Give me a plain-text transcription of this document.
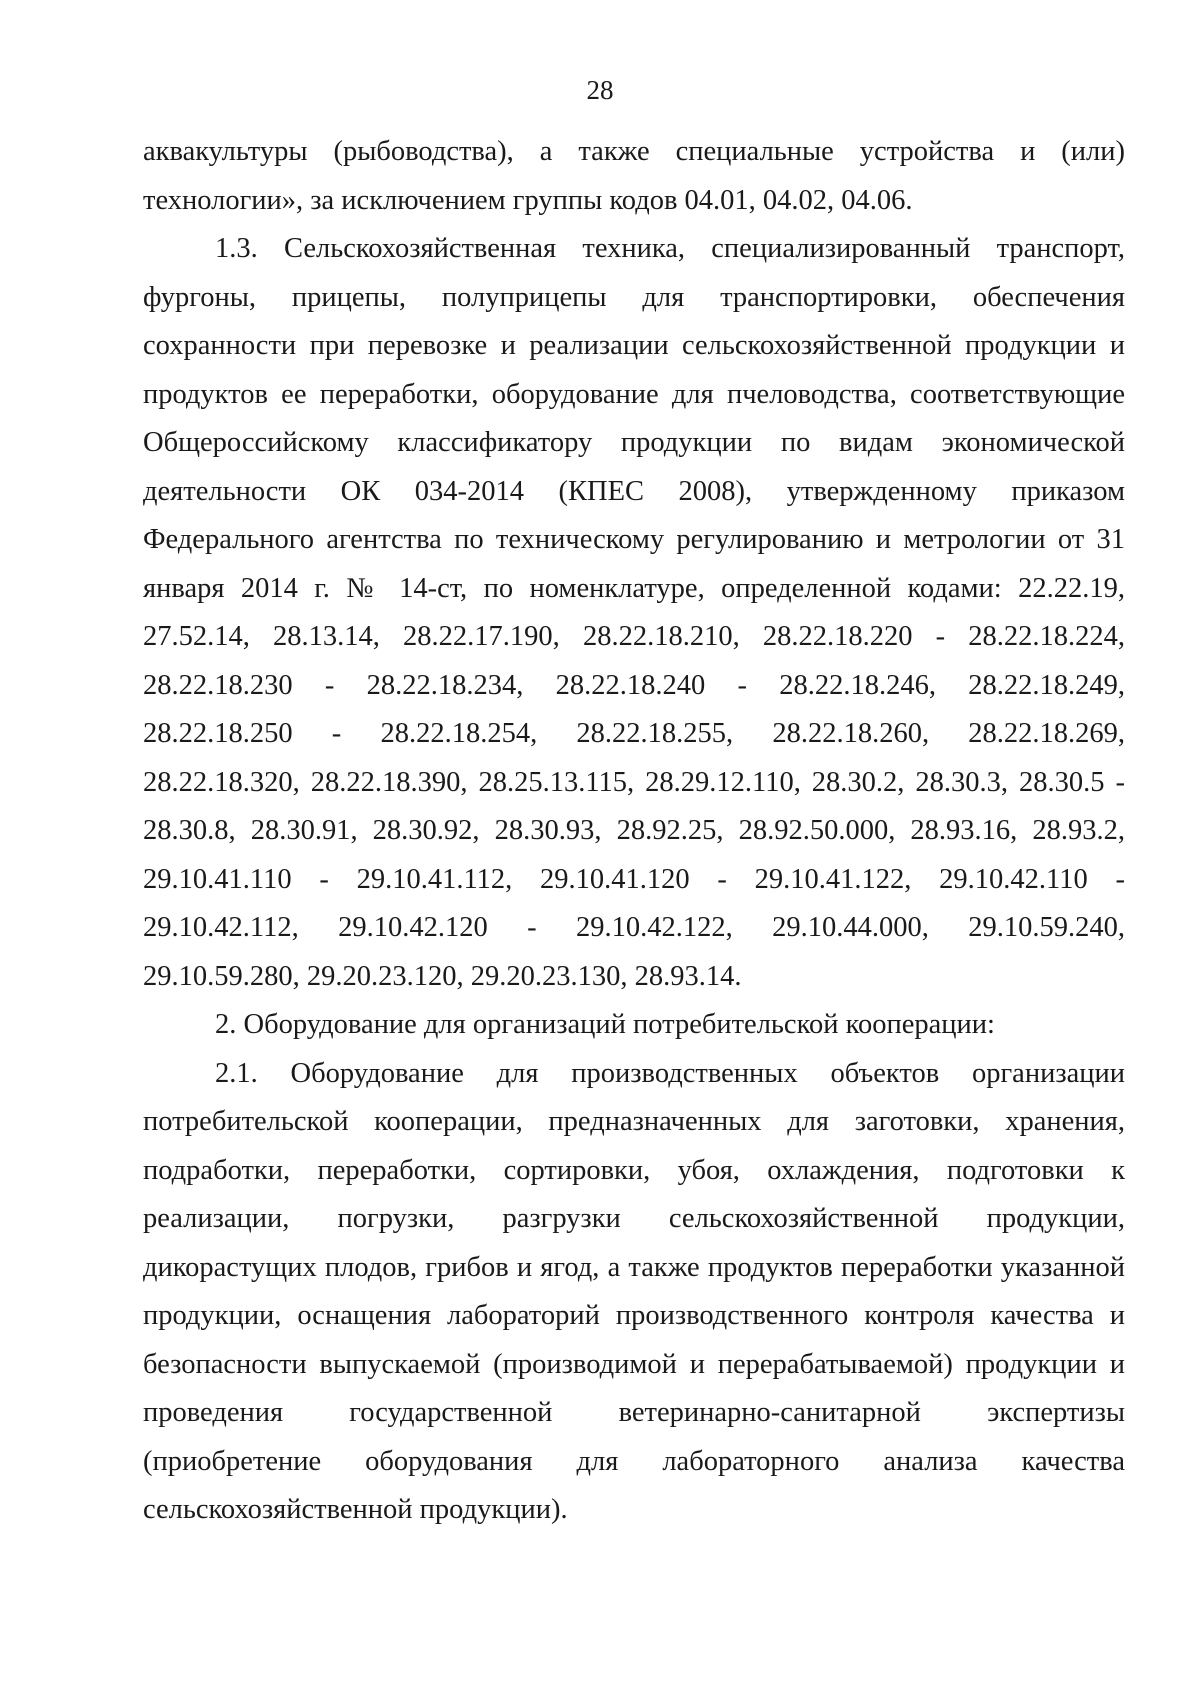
28

аквакультуры (рыбоводства), а также специальные устройства и (или) технологии», за исключением группы кодов 04.01, 04.02, 04.06.

1.3. Сельскохозяйственная техника, специализированный транспорт, фургоны, прицепы, полуприцепы для транспортировки, обеспечения сохранности при перевозке и реализации сельскохозяйственной продукции и продуктов ее переработки, оборудование для пчеловодства, соответствующие Общероссийскому классификатору продукции по видам экономической деятельности ОК 034-2014 (КПЕС 2008), утвержденному приказом Федерального агентства по техническому регулированию и метрологии от 31 января 2014 г. № 14-ст, по номенклатуре, определенной кодами: 22.22.19, 27.52.14, 28.13.14, 28.22.17.190, 28.22.18.210, 28.22.18.220 - 28.22.18.224, 28.22.18.230 - 28.22.18.234, 28.22.18.240 - 28.22.18.246, 28.22.18.249, 28.22.18.250 - 28.22.18.254, 28.22.18.255, 28.22.18.260, 28.22.18.269, 28.22.18.320, 28.22.18.390, 28.25.13.115, 28.29.12.110, 28.30.2, 28.30.3, 28.30.5 - 28.30.8, 28.30.91, 28.30.92, 28.30.93, 28.92.25, 28.92.50.000, 28.93.16, 28.93.2, 29.10.41.110 - 29.10.41.112, 29.10.41.120 - 29.10.41.122, 29.10.42.110 - 29.10.42.112, 29.10.42.120 - 29.10.42.122, 29.10.44.000, 29.10.59.240, 29.10.59.280, 29.20.23.120, 29.20.23.130, 28.93.14.

2. Оборудование для организаций потребительской кооперации:

2.1. Оборудование для производственных объектов организации потребительской кооперации, предназначенных для заготовки, хранения, подработки, переработки, сортировки, убоя, охлаждения, подготовки к реализации, погрузки, разгрузки сельскохозяйственной продукции, дикорастущих плодов, грибов и ягод, а также продуктов переработки указанной продукции, оснащения лабораторий производственного контроля качества и безопасности выпускаемой (производимой и перерабатываемой) продукции и проведения государственной ветеринарно-санитарной экспертизы (приобретение оборудования для лабораторного анализа качества сельскохозяйственной продукции).
